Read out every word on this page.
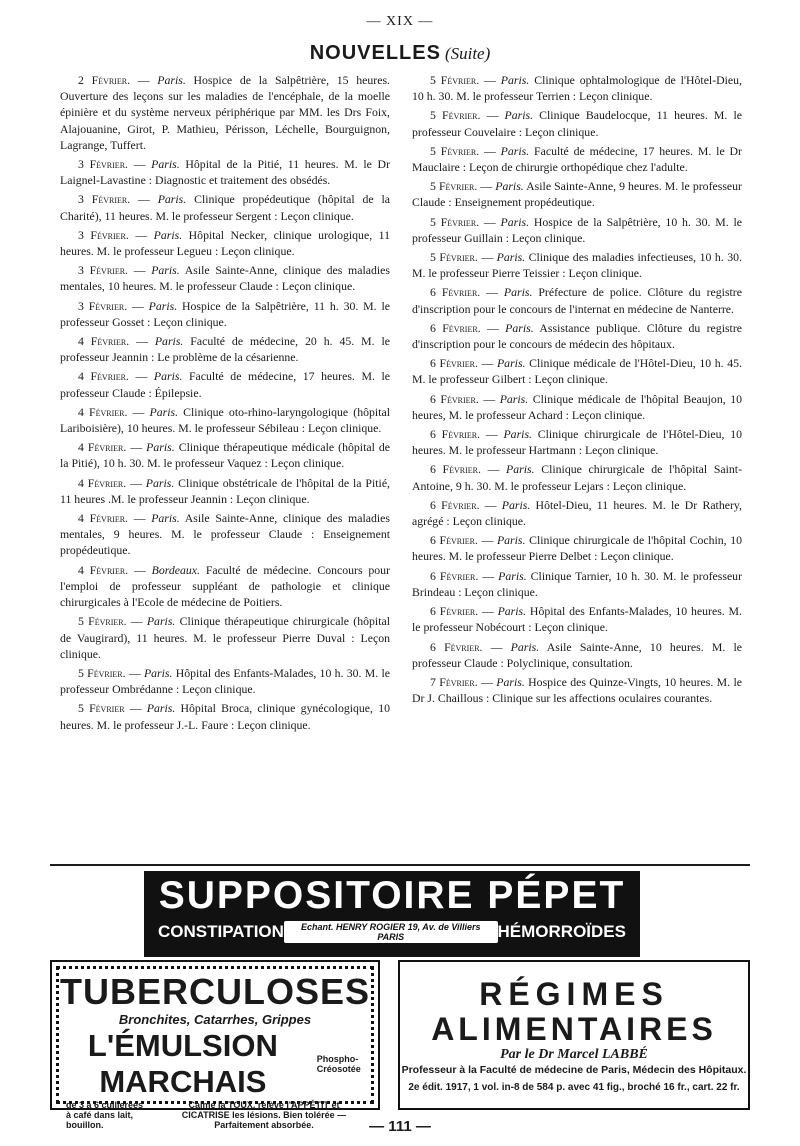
— XIX —
NOUVELLES (Suite)

2 Février. — Paris. Hospice de la Salpêtrière, 15 heures. Ouverture des leçons sur les maladies de l'encéphale, de la moelle épinière et du système nerveux périphérique par MM. les Drs Foix, Alajouanine, Girot, P. Mathieu, Périsson, Léchelle, Bourguignon, Lagrange, Tuffert.

3 Février. — Paris. Hôpital de la Pitié, 11 heures. M. le Dr Laignel-Lavastine : Diagnostic et traitement des obsédés.

3 Février. — Paris. Clinique propédeutique (hôpital de la Charité), 11 heures. M. le professeur Sergent : Leçon clinique.

3 Février. — Paris. Hôpital Necker, clinique urologique, 11 heures. M. le professeur Legueu : Leçon clinique.

3 Février. — Paris. Asile Sainte-Anne, clinique des maladies mentales, 10 heures. M. le professeur Claude : Leçon clinique.

3 Février. — Paris. Hospice de la Salpêtrière, 11 h. 30. M. le professeur Gosset : Leçon clinique.

4 Février. — Paris. Faculté de médecine, 20 h. 45. M. le professeur Jeannin : Le problème de la césarienne.

4 Février. — Paris. Faculté de médecine, 17 heures. M. le professeur Claude : Épilepsie.

4 Février. — Paris. Clinique oto-rhino-laryngologique (hôpital Lariboisière), 10 heures. M. le professeur Sébileau : Leçon clinique.

4 Février. — Paris. Clinique thérapeutique médicale (hôpital de la Pitié), 10 h. 30. M. le professeur Vaquez : Leçon clinique.

4 Février. — Paris. Clinique obstétricale de l'hôpital de la Pitié, 11 heures .M. le professeur Jeannin : Leçon clinique.

4 Février. — Paris. Asile Sainte-Anne, clinique des maladies mentales, 9 heures. M. le professeur Claude : Enseignement propédeutique.

4 Février. — Bordeaux. Faculté de médecine. Concours pour l'emploi de professeur suppléant de pathologie et clinique chirurgicales à l'Ecole de médecine de Poitiers.

5 Février. — Paris. Clinique thérapeutique chirurgicale (hôpital de Vaugirard), 11 heures. M. le professeur Pierre Duval : Leçon clinique.

5 Février. — Paris. Hôpital des Enfants-Malades, 10 h. 30. M. le professeur Ombrédanne : Leçon clinique.

5 Février — Paris. Hôpital Broca, clinique gynécologique, 10 heures. M. le professeur J.-L. Faure : Leçon clinique.

5 Février. — Paris. Clinique ophtalmologique de l'Hôtel-Dieu, 10 h. 30. M. le professeur Terrien : Leçon clinique.

5 Février. — Paris. Clinique Baudelocque, 11 heures. M. le professeur Couvelaire : Leçon clinique.

5 Février. — Paris. Faculté de médecine, 17 heures. M. le Dr Mauclaire : Leçon de chirurgie orthopédique chez l'adulte.

5 Février. — Paris. Asile Sainte-Anne, 9 heures. M. le professeur Claude : Enseignement propédeutique.

5 Février. — Paris. Hospice de la Salpêtrière, 10 h. 30. M. le professeur Guillain : Leçon clinique.

5 Février. — Paris. Clinique des maladies infectieuses, 10 h. 30. M. le professeur Pierre Teissier : Leçon clinique.

6 Février. — Paris. Préfecture de police. Clôture du registre d'inscription pour le concours de l'internat en médecine de Nanterre.

6 Février. — Paris. Assistance publique. Clôture du registre d'inscription pour le concours de médecin des hôpitaux.

6 Février. — Paris. Clinique médicale de l'Hôtel-Dieu, 10 h. 45. M. le professeur Gilbert : Leçon clinique.

6 Février. — Paris. Clinique médicale de l'hôpital Beaujon, 10 heures, M. le professeur Achard : Leçon clinique.

6 Février. — Paris. Clinique chirurgicale de l'Hôtel-Dieu, 10 heures. M. le professeur Hartmann : Leçon clinique.

6 Février. — Paris. Clinique chirurgicale de l'hôpital Saint-Antoine, 9 h. 30. M. le professeur Lejars : Leçon clinique.

6 Février. — Paris. Hôtel-Dieu, 11 heures. M. le Dr Rathery, agrégé : Leçon clinique.

6 Février. — Paris. Clinique chirurgicale de l'hôpital Cochin, 10 heures. M. le professeur Pierre Delbet : Leçon clinique.

6 Février. — Paris. Clinique Tarnier, 10 h. 30. M. le professeur Brindeau : Leçon clinique.

6 Février. — Paris. Hôpital des Enfants-Malades, 10 heures. M. le professeur Nobécourt : Leçon clinique.

6 Février. — Paris. Asile Sainte-Anne, 10 heures. M. le professeur Claude : Polyclinique, consultation.

7 Février. — Paris. Hospice des Quinze-Vingts, 10 heures. M. le Dr J. Chaillous : Clinique sur les affections oculaires courantes.

SUPPOSITOIRE PÉPET
CONSTIPATION	Echant. HENRY ROGIER 19, Av. de Villiers PARIS	HÉMORROÏDES
TUBERCULOSES
Bronchites, Catarrhes, Grippes
L'ÉMULSION MARCHAIS
Phospho-Créosotée
de 3 à 6 cuillerées à café dans lait, bouillon.
Calme la TOUX, relève l'APPÉTIT et CICATRISE les lésions. Bien tolérée — Parfaitement absorbée.
RÉGIMES
ALIMENTAIRES
Par le Dr Marcel LABBÉ
Professeur à la Faculté de médecine de Paris, Médecin des Hôpitaux.
2e édit. 1917, 1 vol. in-8 de 584 p. avec 41 fig., broché 16 fr., cart. 22 fr.
— 111 —
